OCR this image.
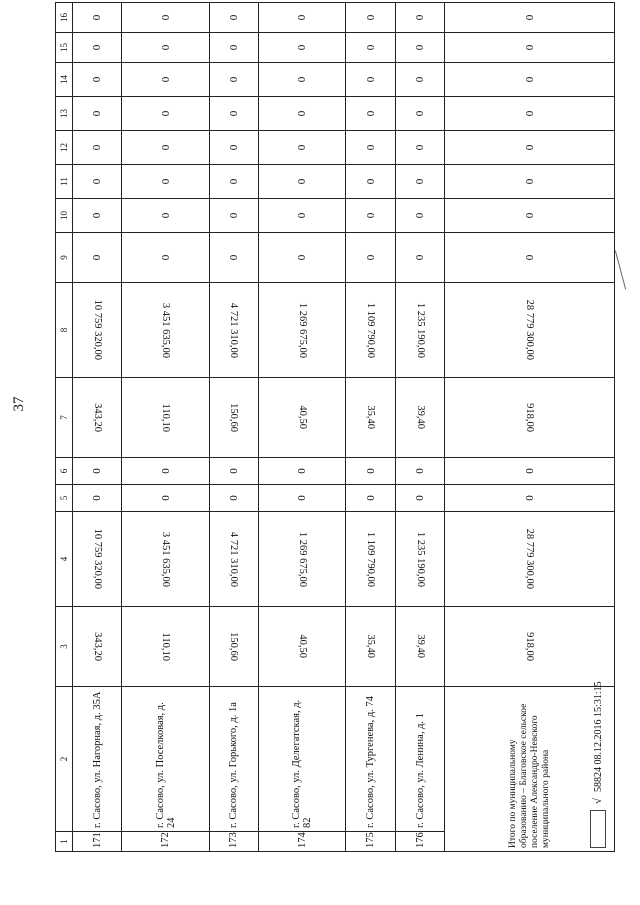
37
1	2	3	4	5	6	7	8	9	10	11	12	13	14	15	16
171	г. Сасово, ул. Нагорная, д. 35А	343,20	10 759 320,00	0	0	343,20	10 759 320,00	0	0	0	0	0	0	0	0
172	г. Сасово, ул. Поселковая, д. 24	110,10	3 451 635,00	0	0	110,10	3 451 635,00	0	0	0	0	0	0	0	0
173	г. Сасово, ул. Горького, д. 1а	150,60	4 721 310,00	0	0	150,60	4 721 310,00	0	0	0	0	0	0	0	0
174	г. Сасово, ул. Делегатская, д. 82	40,50	1 269 675,00	0	0	40,50	1 269 675,00	0	0	0	0	0	0	0	0
175	г. Сасово, ул. Тургенева, д. 74	35,40	1 109 790,00	0	0	35,40	1 109 790,00	0	0	0	0	0	0	0	0
176	г. Сасово, ул. Ленина, д. 1	39,40	1 235 190,00	0	0	39,40	1 235 190,00	0	0	0	0	0	0	0	0
Итого по муниципальному образованию – Благовское сельское поселение Александро-Невского муниципального района		918,00	28 779 300,00	0	0	918,00	28 779 300,00	0	0	0	0	0	0	0	0
√
58824 08.12.2016 15:31:15
